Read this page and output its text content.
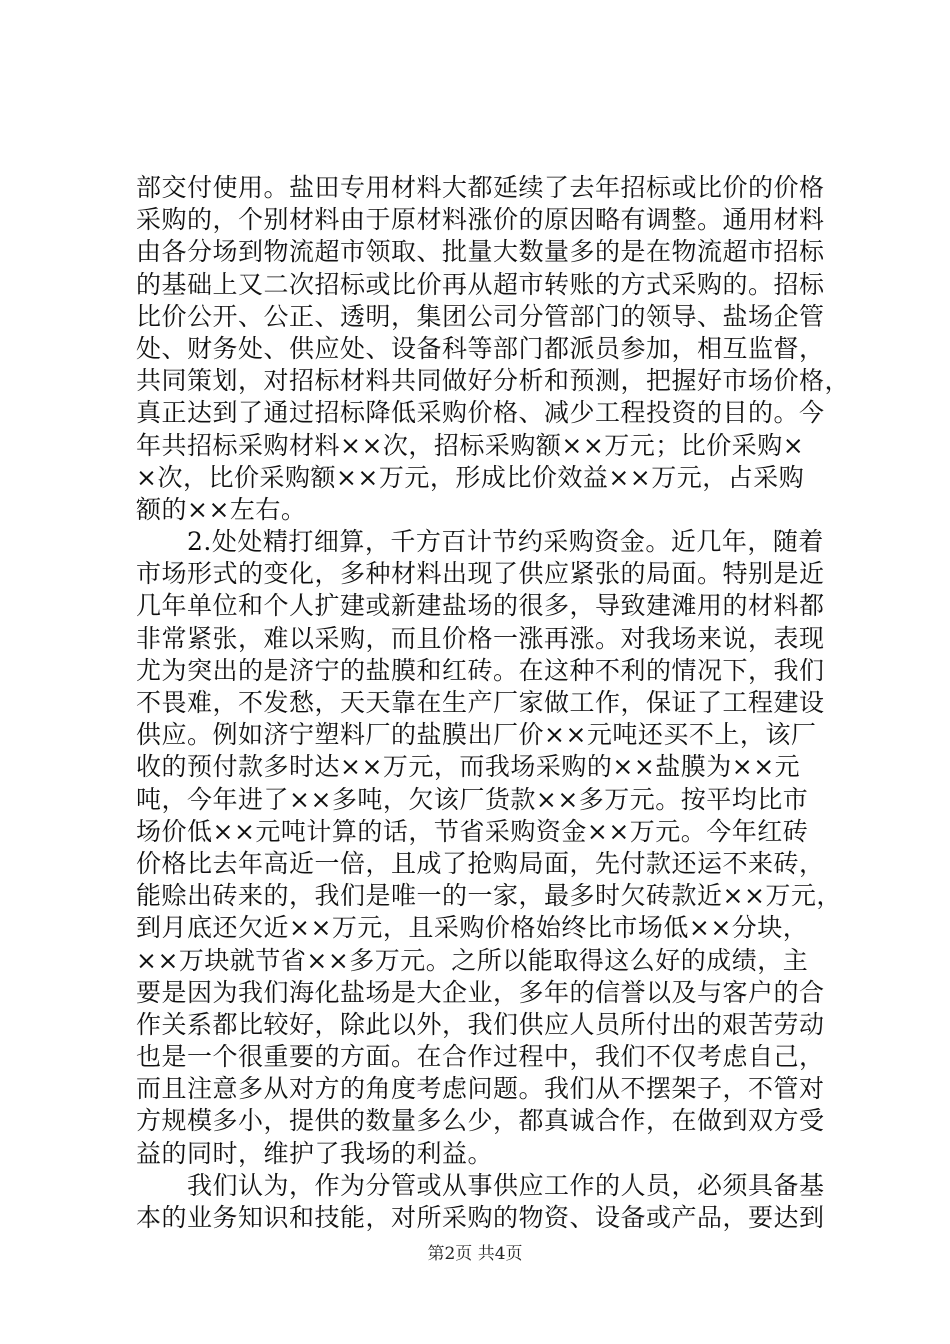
部交付使用。盐田专用材料大都延续了去年招标或比价的价格
采购的，个别材料由于原材料涨价的原因略有调整。通用材料
由各分场到物流超市领取、批量大数量多的是在物流超市招标
的基础上又二次招标或比价再从超市转账的方式采购的。招标
比价公开、公正、透明，集团公司分管部门的领导、盐场企管
处、财务处、供应处、设备科等部门都派员参加，相互监督，
共同策划，对招标材料共同做好分析和预测，把握好市场价格，
真正达到了通过招标降低采购价格、减少工程投资的目的。今
年共招标采购材料××次，招标采购额××万元；比价采购×
×次，比价采购额××万元，形成比价效益××万元，占采购
额的××左右。
　　2.处处精打细算，千方百计节约采购资金。近几年，随着
市场形式的变化，多种材料出现了供应紧张的局面。特别是近
几年单位和个人扩建或新建盐场的很多，导致建滩用的材料都
非常紧张，难以采购，而且价格一涨再涨。对我场来说，表现
尤为突出的是济宁的盐膜和红砖。在这种不利的情况下，我们
不畏难，不发愁，天天靠在生产厂家做工作，保证了工程建设
供应。例如济宁塑料厂的盐膜出厂价××元吨还买不上，该厂
收的预付款多时达××万元，而我场采购的××盐膜为××元
吨，今年进了××多吨，欠该厂货款××多万元。按平均比市
场价低××元吨计算的话，节省采购资金××万元。今年红砖
价格比去年高近一倍，且成了抢购局面，先付款还运不来砖，
能赊出砖来的，我们是唯一的一家，最多时欠砖款近××万元，
到月底还欠近××万元，且采购价格始终比市场低××分块，
××万块就节省××多万元。之所以能取得这么好的成绩，主
要是因为我们海化盐场是大企业，多年的信誉以及与客户的合
作关系都比较好，除此以外，我们供应人员所付出的艰苦劳动
也是一个很重要的方面。在合作过程中，我们不仅考虑自己，
而且注意多从对方的角度考虑问题。我们从不摆架子，不管对
方规模多小，提供的数量多么少，都真诚合作，在做到双方受
益的同时，维护了我场的利益。
　　我们认为，作为分管或从事供应工作的人员，必须具备基
本的业务知识和技能，对所采购的物资、设备或产品，要达到
第2页 共4页
